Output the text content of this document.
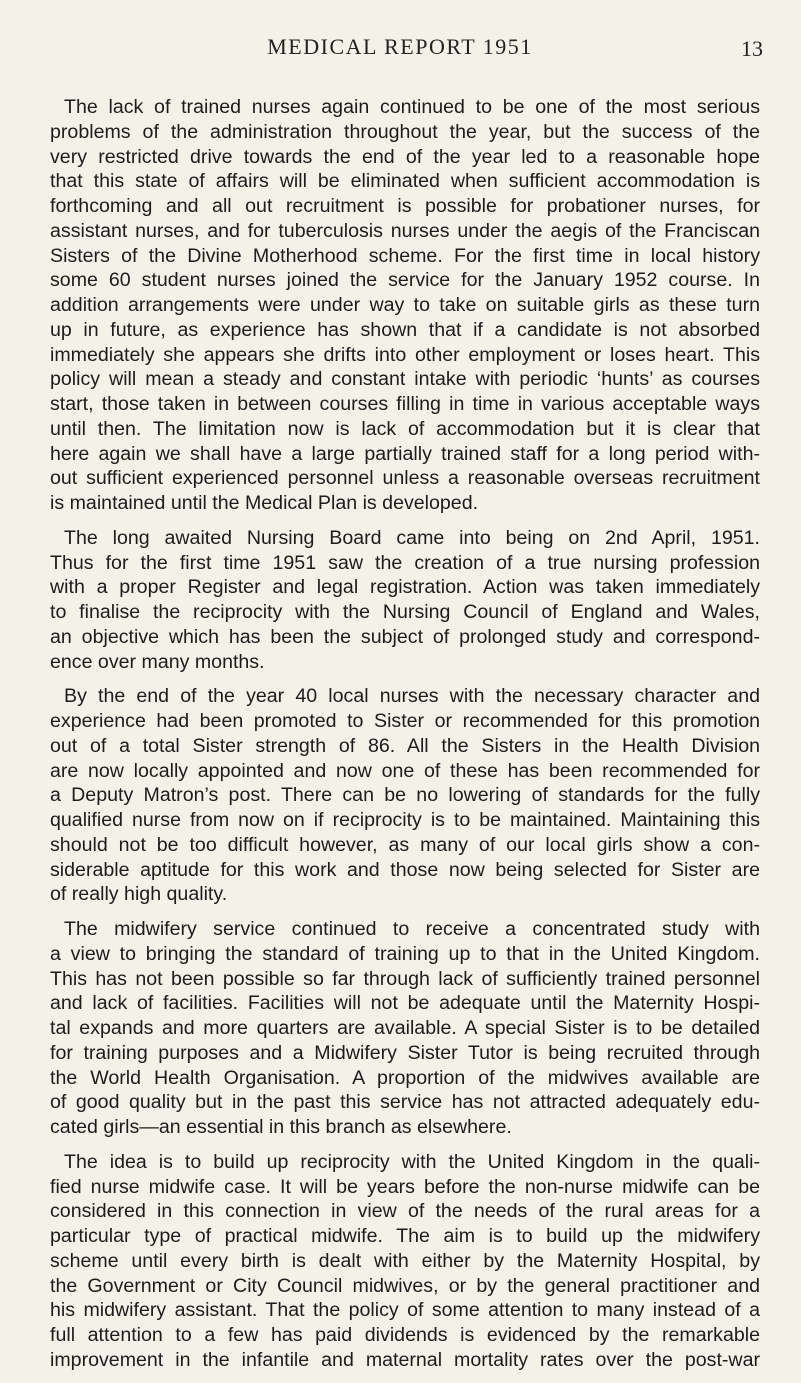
MEDICAL REPORT 1951	13

The lack of trained nurses again continued to be one of the most serious
problems of the administration throughout the year, but the success of the
very restricted drive towards the end of the year led to a reasonable hope
that this state of affairs will be eliminated when sufficient accommodation is
forthcoming and all out recruitment is possible for probationer nurses, for
assistant nurses, and for tuberculosis nurses under the aegis of the Franciscan
Sisters of the Divine Motherhood scheme. For the first time in local history
some 60 student nurses joined the service for the January 1952 course. In
addition arrangements were under way to take on suitable girls as these turn
up in future, as experience has shown that if a candidate is not absorbed
immediately she appears she drifts into other employment or loses heart. This
policy will mean a steady and constant intake with periodic ‘hunts’ as courses
start, those taken in between courses filling in time in various acceptable ways
until then. The limitation now is lack of accommodation but it is clear that
here again we shall have a large partially trained staff for a long period with-
out sufficient experienced personnel unless a reasonable overseas recruitment
is maintained until the Medical Plan is developed.

The long awaited Nursing Board came into being on 2nd April, 1951.
Thus for the first time 1951 saw the creation of a true nursing profession
with a proper Register and legal registration. Action was taken immediately
to finalise the reciprocity with the Nursing Council of England and Wales,
an objective which has been the subject of prolonged study and correspond-
ence over many months.

By the end of the year 40 local nurses with the necessary character and
experience had been promoted to Sister or recommended for this promotion
out of a total Sister strength of 86. All the Sisters in the Health Division
are now locally appointed and now one of these has been recommended for
a Deputy Matron’s post. There can be no lowering of standards for the fully
qualified nurse from now on if reciprocity is to be maintained. Maintaining this
should not be too difficult however, as many of our local girls show a con-
siderable aptitude for this work and those now being selected for Sister are
of really high quality.

The midwifery service continued to receive a concentrated study with
a view to bringing the standard of training up to that in the United Kingdom.
This has not been possible so far through lack of sufficiently trained personnel
and lack of facilities. Facilities will not be adequate until the Maternity Hospi-
tal expands and more quarters are available. A special Sister is to be detailed
for training purposes and a Midwifery Sister Tutor is being recruited through
the World Health Organisation. A proportion of the midwives available are
of good quality but in the past this service has not attracted adequately edu-
cated girls—an essential in this branch as elsewhere.

The idea is to build up reciprocity with the United Kingdom in the quali-
fied nurse midwife case. It will be years before the non-nurse midwife can be
considered in this connection in view of the needs of the rural areas for a
particular type of practical midwife. The aim is to build up the midwifery
scheme until every birth is dealt with either by the Maternity Hospital, by
the Government or City Council midwives, or by the general practitioner and
his midwifery assistant. That the policy of some attention to many instead of a
full attention to a few has paid dividends is evidenced by the remarkable
improvement in the infantile and maternal mortality rates over the post-war
